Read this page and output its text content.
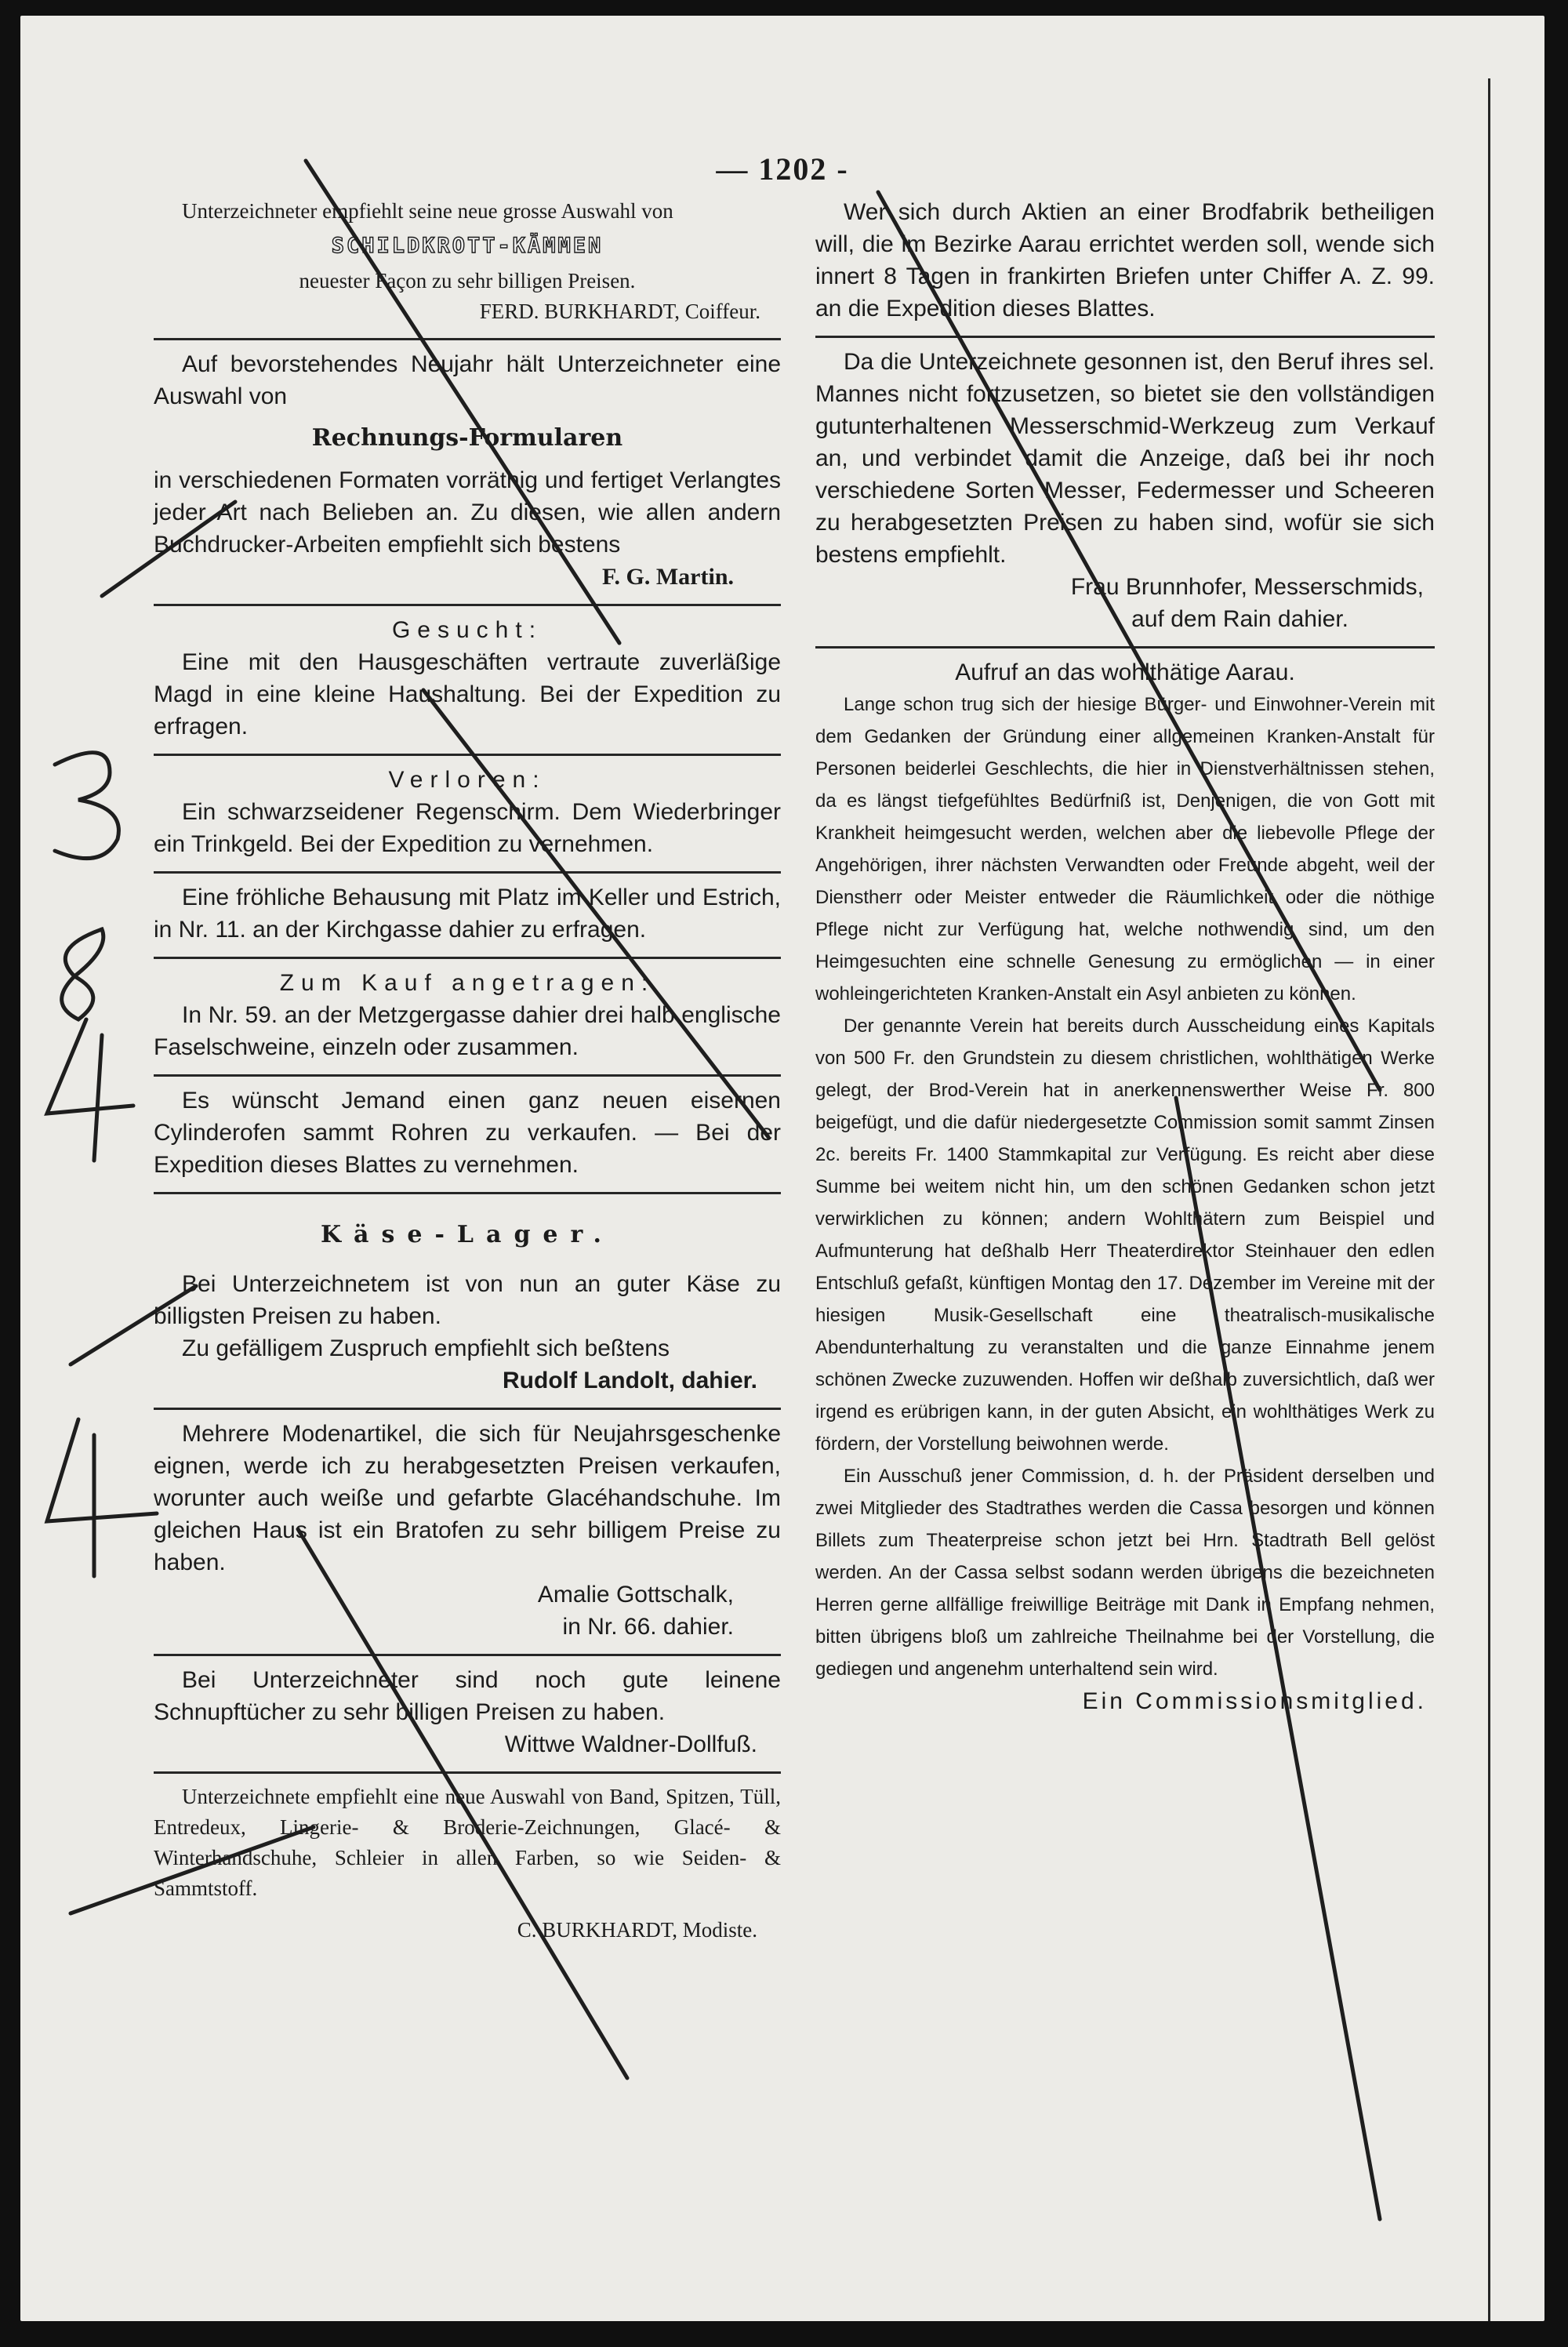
— 1202 -

Unterzeichneter empfiehlt seine neue grosse Auswahl von

SCHILDKROTT-KÄMMEN

neuester Façon zu sehr billigen Preisen.

FERD. BURKHARDT, Coiffeur.

Auf bevorstehendes Neujahr hält Unterzeichneter eine Auswahl von

Rechnungs-Formularen

in verschiedenen Formaten vorräthig und fertiget Verlangtes jeder Art nach Belieben an. Zu diesen, wie allen andern Buchdrucker-Arbeiten empfiehlt sich bestens

F. G. Martin.

Gesucht:

Eine mit den Hausgeschäften vertraute zuverläßige Magd in eine kleine Haushaltung. Bei der Expedition zu erfragen.

Verloren:

Ein schwarzseidener Regenschirm. Dem Wiederbringer ein Trinkgeld. Bei der Expedition zu vernehmen.

Eine fröhliche Behausung mit Platz im Keller und Estrich, in Nr. 11. an der Kirchgasse dahier zu erfragen.

Zum Kauf angetragen:

In Nr. 59. an der Metzgergasse dahier drei halb englische Faselschweine, einzeln oder zusammen.

Es wünscht Jemand einen ganz neuen eisernen Cylinderofen sammt Rohren zu verkaufen. — Bei der Expedition dieses Blattes zu vernehmen.

Käse-Lager.

Bei Unterzeichnetem ist von nun an guter Käse zu billigsten Preisen zu haben.

Zu gefälligem Zuspruch empfiehlt sich beßtens

Rudolf Landolt, dahier.

Mehrere Modenartikel, die sich für Neujahrsgeschenke eignen, werde ich zu herabgesetzten Preisen verkaufen, worunter auch weiße und gefarbte Glacéhandschuhe. Im gleichen Haus ist ein Bratofen zu sehr billigem Preise zu haben.

Amalie Gottschalk,

in Nr. 66. dahier.

Bei Unterzeichneter sind noch gute leinene Schnupftücher zu sehr billigen Preisen zu haben.

Wittwe Waldner-Dollfuß.

Unterzeichnete empfiehlt eine neue Auswahl von Band, Spitzen, Tüll, Entredeux, Lingerie- & Broderie-Zeichnungen, Glacé- & Winterhandschuhe, Schleier in allen Farben, so wie Seiden- & Sammtstoff.

C. BURKHARDT, Modiste.

Wer sich durch Aktien an einer Brodfabrik betheiligen will, die im Bezirke Aarau errichtet werden soll, wende sich innert 8 Tagen in frankirten Briefen unter Chiffer A. Z. 99. an die Expedition dieses Blattes.

Da die Unterzeichnete gesonnen ist, den Beruf ihres sel. Mannes nicht fortzusetzen, so bietet sie den vollständigen gutunterhaltenen Messerschmid-Werkzeug zum Verkauf an, und verbindet damit die Anzeige, daß bei ihr noch verschiedene Sorten Messer, Federmesser und Scheeren zu herabgesetzten Preisen zu haben sind, wofür sie sich bestens empfiehlt.

Frau Brunnhofer, Messerschmids,

auf dem Rain dahier.

Aufruf an das wohlthätige Aarau.

Lange schon trug sich der hiesige Bürger- und Einwohner-Verein mit dem Gedanken der Gründung einer allgemeinen Kranken-Anstalt für Personen beiderlei Geschlechts, die hier in Dienstverhältnissen stehen, da es längst tiefgefühltes Bedürfniß ist, Denjenigen, die von Gott mit Krankheit heimgesucht werden, welchen aber die liebevolle Pflege der Angehörigen, ihrer nächsten Verwandten oder Freunde abgeht, weil der Dienstherr oder Meister entweder die Räumlichkeit oder die nöthige Pflege nicht zur Verfügung hat, welche nothwendig sind, um den Heimgesuchten eine schnelle Genesung zu ermöglichen — in einer wohleingerichteten Kranken-Anstalt ein Asyl anbieten zu können.

Der genannte Verein hat bereits durch Ausscheidung eines Kapitals von 500 Fr. den Grundstein zu diesem christlichen, wohlthätigen Werke gelegt, der Brod-Verein hat in anerkennenswerther Weise Fr. 800 beigefügt, und die dafür niedergesetzte Commission somit sammt Zinsen 2c. bereits Fr. 1400 Stammkapital zur Verfügung. Es reicht aber diese Summe bei weitem nicht hin, um den schönen Gedanken schon jetzt verwirklichen zu können; andern Wohlthätern zum Beispiel und Aufmunterung hat deßhalb Herr Theaterdirektor Steinhauer den edlen Entschluß gefaßt, künftigen Montag den 17. Dezember im Vereine mit der hiesigen Musik-Gesellschaft eine theatralisch-musikalische Abendunterhaltung zu veranstalten und die ganze Einnahme jenem schönen Zwecke zuzuwenden. Hoffen wir deßhalb zuversichtlich, daß wer irgend es erübrigen kann, in der guten Absicht, ein wohlthätiges Werk zu fördern, der Vorstellung beiwohnen werde.

Ein Ausschuß jener Commission, d. h. der Präsident derselben und zwei Mitglieder des Stadtrathes werden die Cassa besorgen und können Billets zum Theaterpreise schon jetzt bei Hrn. Stadtrath Bell gelöst werden. An der Cassa selbst sodann werden übrigens die bezeichneten Herren gerne allfällige freiwillige Beiträge mit Dank in Empfang nehmen, bitten übrigens bloß um zahlreiche Theilnahme bei der Vorstellung, die gediegen und angenehm unterhaltend sein wird.

Ein Commissionsmitglied.
